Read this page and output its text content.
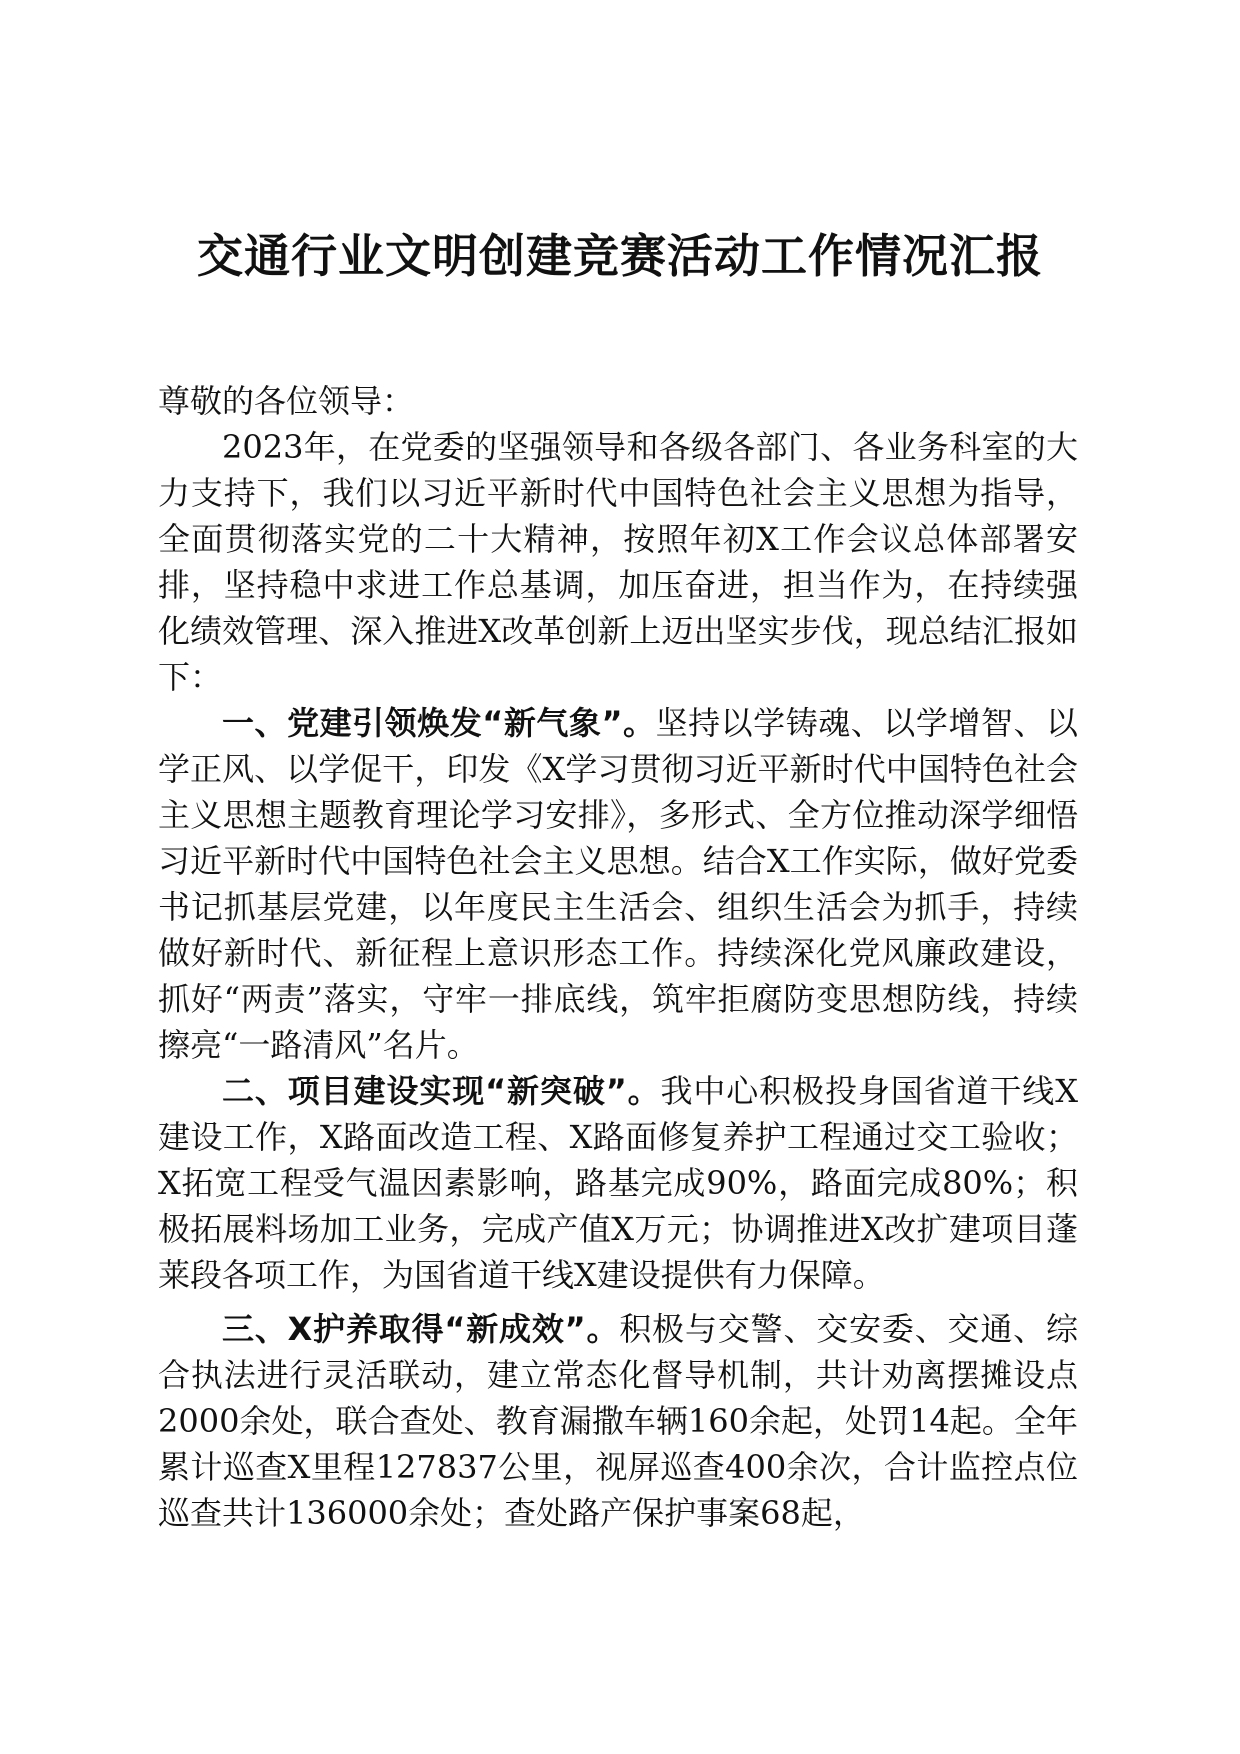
交通行业文明创建竞赛活动工作情况汇报

尊敬的各位领导：

2023年，在党委的坚强领导和各级各部门、各业务科室的大力支持下，我们以习近平新时代中国特色社会主义思想为指导，全面贯彻落实党的二十大精神，按照年初X工作会议总体部署安排，坚持稳中求进工作总基调，加压奋进，担当作为，在持续强化绩效管理、深入推进X改革创新上迈出坚实步伐，现总结汇报如下：

一、党建引领焕发“新气象”。坚持以学铸魂、以学增智、以学正风、以学促干，印发《X学习贯彻习近平新时代中国特色社会主义思想主题教育理论学习安排》，多形式、全方位推动深学细悟习近平新时代中国特色社会主义思想。结合X工作实际，做好党委书记抓基层党建，以年度民主生活会、组织生活会为抓手，持续做好新时代、新征程上意识形态工作。持续深化党风廉政建设，抓好“两责”落实，守牢一排底线，筑牢拒腐防变思想防线，持续擦亮“一路清风”名片。

二、项目建设实现“新突破”。我中心积极投身国省道干线X建设工作，X路面改造工程、X路面修复养护工程通过交工验收；X拓宽工程受气温因素影响，路基完成90%，路面完成80%；积极拓展料场加工业务，完成产值X万元；协调推进X改扩建项目蓬莱段各项工作，为国省道干线X建设提供有力保障。

三、X护养取得“新成效”。积极与交警、交安委、交通、综合执法进行灵活联动，建立常态化督导机制，共计劝离摆摊设点2000余处，联合查处、教育漏撒车辆160余起，处罚14起。全年累计巡查X里程127837公里，视屏巡查400余次，合计监控点位巡查共计136000余处；查处路产保护事案68起，
